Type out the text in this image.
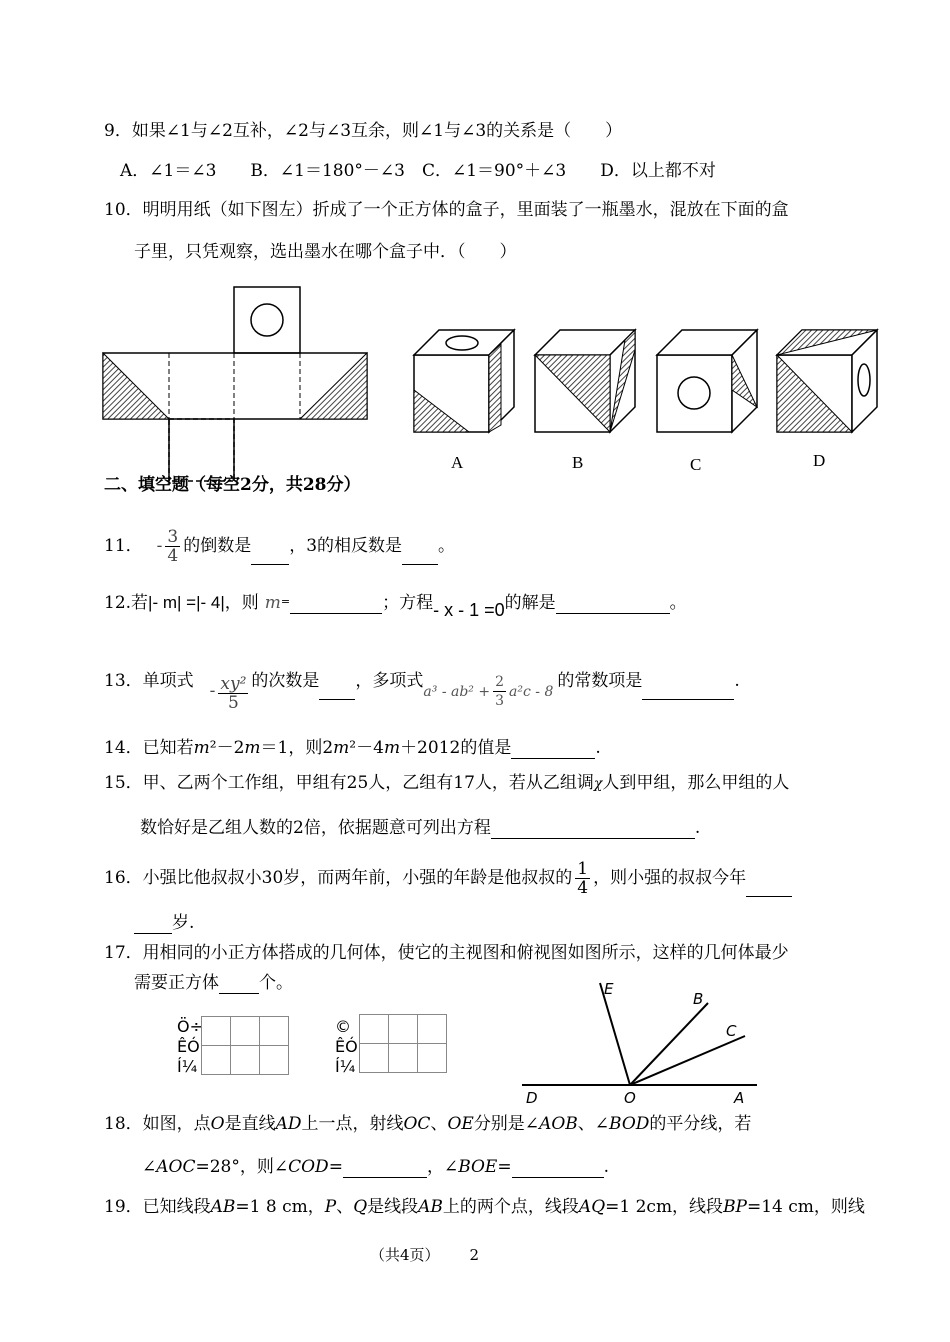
9．如果∠1与∠2互补，∠2与∠3互余，则∠1与∠3的关系是（　　）
A．∠1＝∠3　　B．∠1＝180°－∠3　C．∠1＝90°＋∠3　　D．以上都不对
10．明明用纸（如下图左）折成了一个正方体的盒子，里面装了一瓶墨水，混放在下面的盒
子里，只凭观察，选出墨水在哪个盒子中．（　　）
A	B	C	D
二、填空题（每空2分，共28分）
11． - $\frac{3}{4}$ 的倒数是 ，3的相反数是 。
12.若|- m| =|- 4|，则 m=	；方程- x - 1 =0的解是	。
13．单项式 - $\frac{\text{xy²}}{5}$ 的次数是 ，多项式$_{a^3 - ab^2 +} \frac{2}{3} _{a^2c - 8}$的常数项是	.
14．已知若m²－2m＝1，则2m²－4m＋2012的值是	.
15．甲、乙两个工作组，甲组有25人，乙组有17人，若从乙组调χ人到甲组，那么甲组的人
数恰好是乙组人数的2倍，依据题意可列出方程	.
16．小强比他叔叔小30岁，而两年前，小强的年龄是他叔叔的 $\frac{1}{4}$ ，则小强的叔叔今年
岁.
17．用相同的小正方体搭成的几何体，使它的主视图和俯视图如图所示，这样的几何体最少
需要正方体 个。
Ö÷
ÊÓ
Í¼

©
ÊÓ
Í¼

E
B
C
D	O	A
18．如图，点O是直线AD上一点，射线OC、OE分别是∠AOB、∠BOD的平分线，若
∠AOC=28°，则∠COD=	，∠BOE=	.
19．已知线段AB=1 8 cm，P、Q是线段AB上的两个点，线段AQ=1 2cm，线段BP=14 cm，则线
（共4页） 2
